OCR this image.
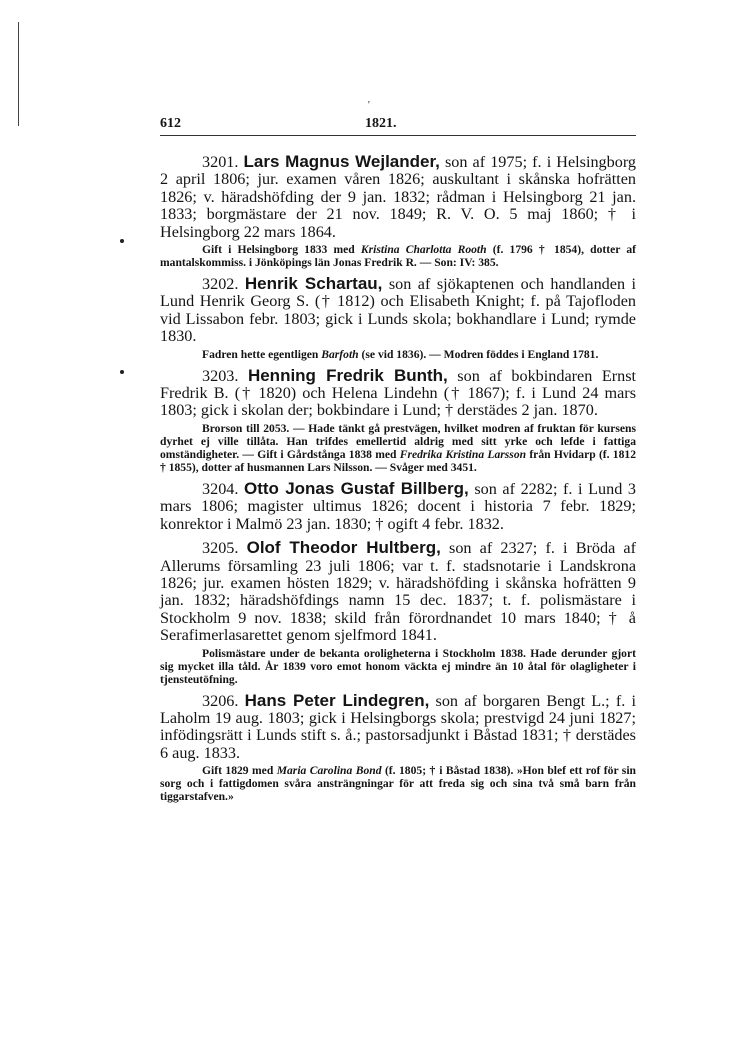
612
'
1821.

3201. Lars Magnus Wejlander, son af 1975; f. i Helsingborg 2 april 1806; jur. examen våren 1826; auskultant i skånska hofrätten 1826; v. häradshöfding der 9 jan. 1832; rådman i Helsingborg 21 jan. 1833; borgmästare der 21 nov. 1849; R. V. O. 5 maj 1860; † i Helsingborg 22 mars 1864.

Gift i Helsingborg 1833 med Kristina Charlotta Rooth (f. 1796 † 1854), dotter af mantalskommiss. i Jönköpings län Jonas Fredrik R. — Son: IV: 385.

3202. Henrik Schartau, son af sjökaptenen och handlanden i Lund Henrik Georg S. († 1812) och Elisabeth Knight; f. på Tajofloden vid Lissabon febr. 1803; gick i Lunds skola; bokhandlare i Lund; rymde 1830.

Fadren hette egentligen Barfoth (se vid 1836). — Modren föddes i England 1781.

3203. Henning Fredrik Bunth, son af bokbindaren Ernst Fredrik B. († 1820) och Helena Lindehn († 1867); f. i Lund 24 mars 1803; gick i skolan der; bokbindare i Lund; † derstädes 2 jan. 1870.

Brorson till 2053. — Hade tänkt gå prestvägen, hvilket modren af fruktan för kursens dyrhet ej ville tillåta. Han trifdes emellertid aldrig med sitt yrke och lefde i fattiga omständigheter. — Gift i Gårdstånga 1838 med Fredrika Kristina Larsson från Hvidarp (f. 1812 † 1855), dotter af husmannen Lars Nilsson. — Svåger med 3451.

3204. Otto Jonas Gustaf Billberg, son af 2282; f. i Lund 3 mars 1806; magister ultimus 1826; docent i historia 7 febr. 1829; konrektor i Malmö 23 jan. 1830; † ogift 4 febr. 1832.

3205. Olof Theodor Hultberg, son af 2327; f. i Bröda af Allerums församling 23 juli 1806; var t. f. stadsnotarie i Landskrona 1826; jur. examen hösten 1829; v. häradshöfding i skånska hofrätten 9 jan. 1832; häradshöfdings namn 15 dec. 1837; t. f. polismästare i Stockholm 9 nov. 1838; skild från förordnandet 10 mars 1840; † å Serafimerlasarettet genom sjelfmord 1841.

Polismästare under de bekanta oroligheterna i Stockholm 1838. Hade derunder gjort sig mycket illa tåld. År 1839 voro emot honom väckta ej mindre än 10 åtal för olagligheter i tjensteutöfning.

3206. Hans Peter Lindegren, son af borgaren Bengt L.; f. i Laholm 19 aug. 1803; gick i Helsingborgs skola; prestvigd 24 juni 1827; infödingsrätt i Lunds stift s. å.; pastorsadjunkt i Båstad 1831; † derstädes 6 aug. 1833.

Gift 1829 med Maria Carolina Bond (f. 1805; † i Båstad 1838). »Hon blef ett rof för sin sorg och i fattigdomen svåra ansträngningar för att freda sig och sina två små barn från tiggarstafven.»
